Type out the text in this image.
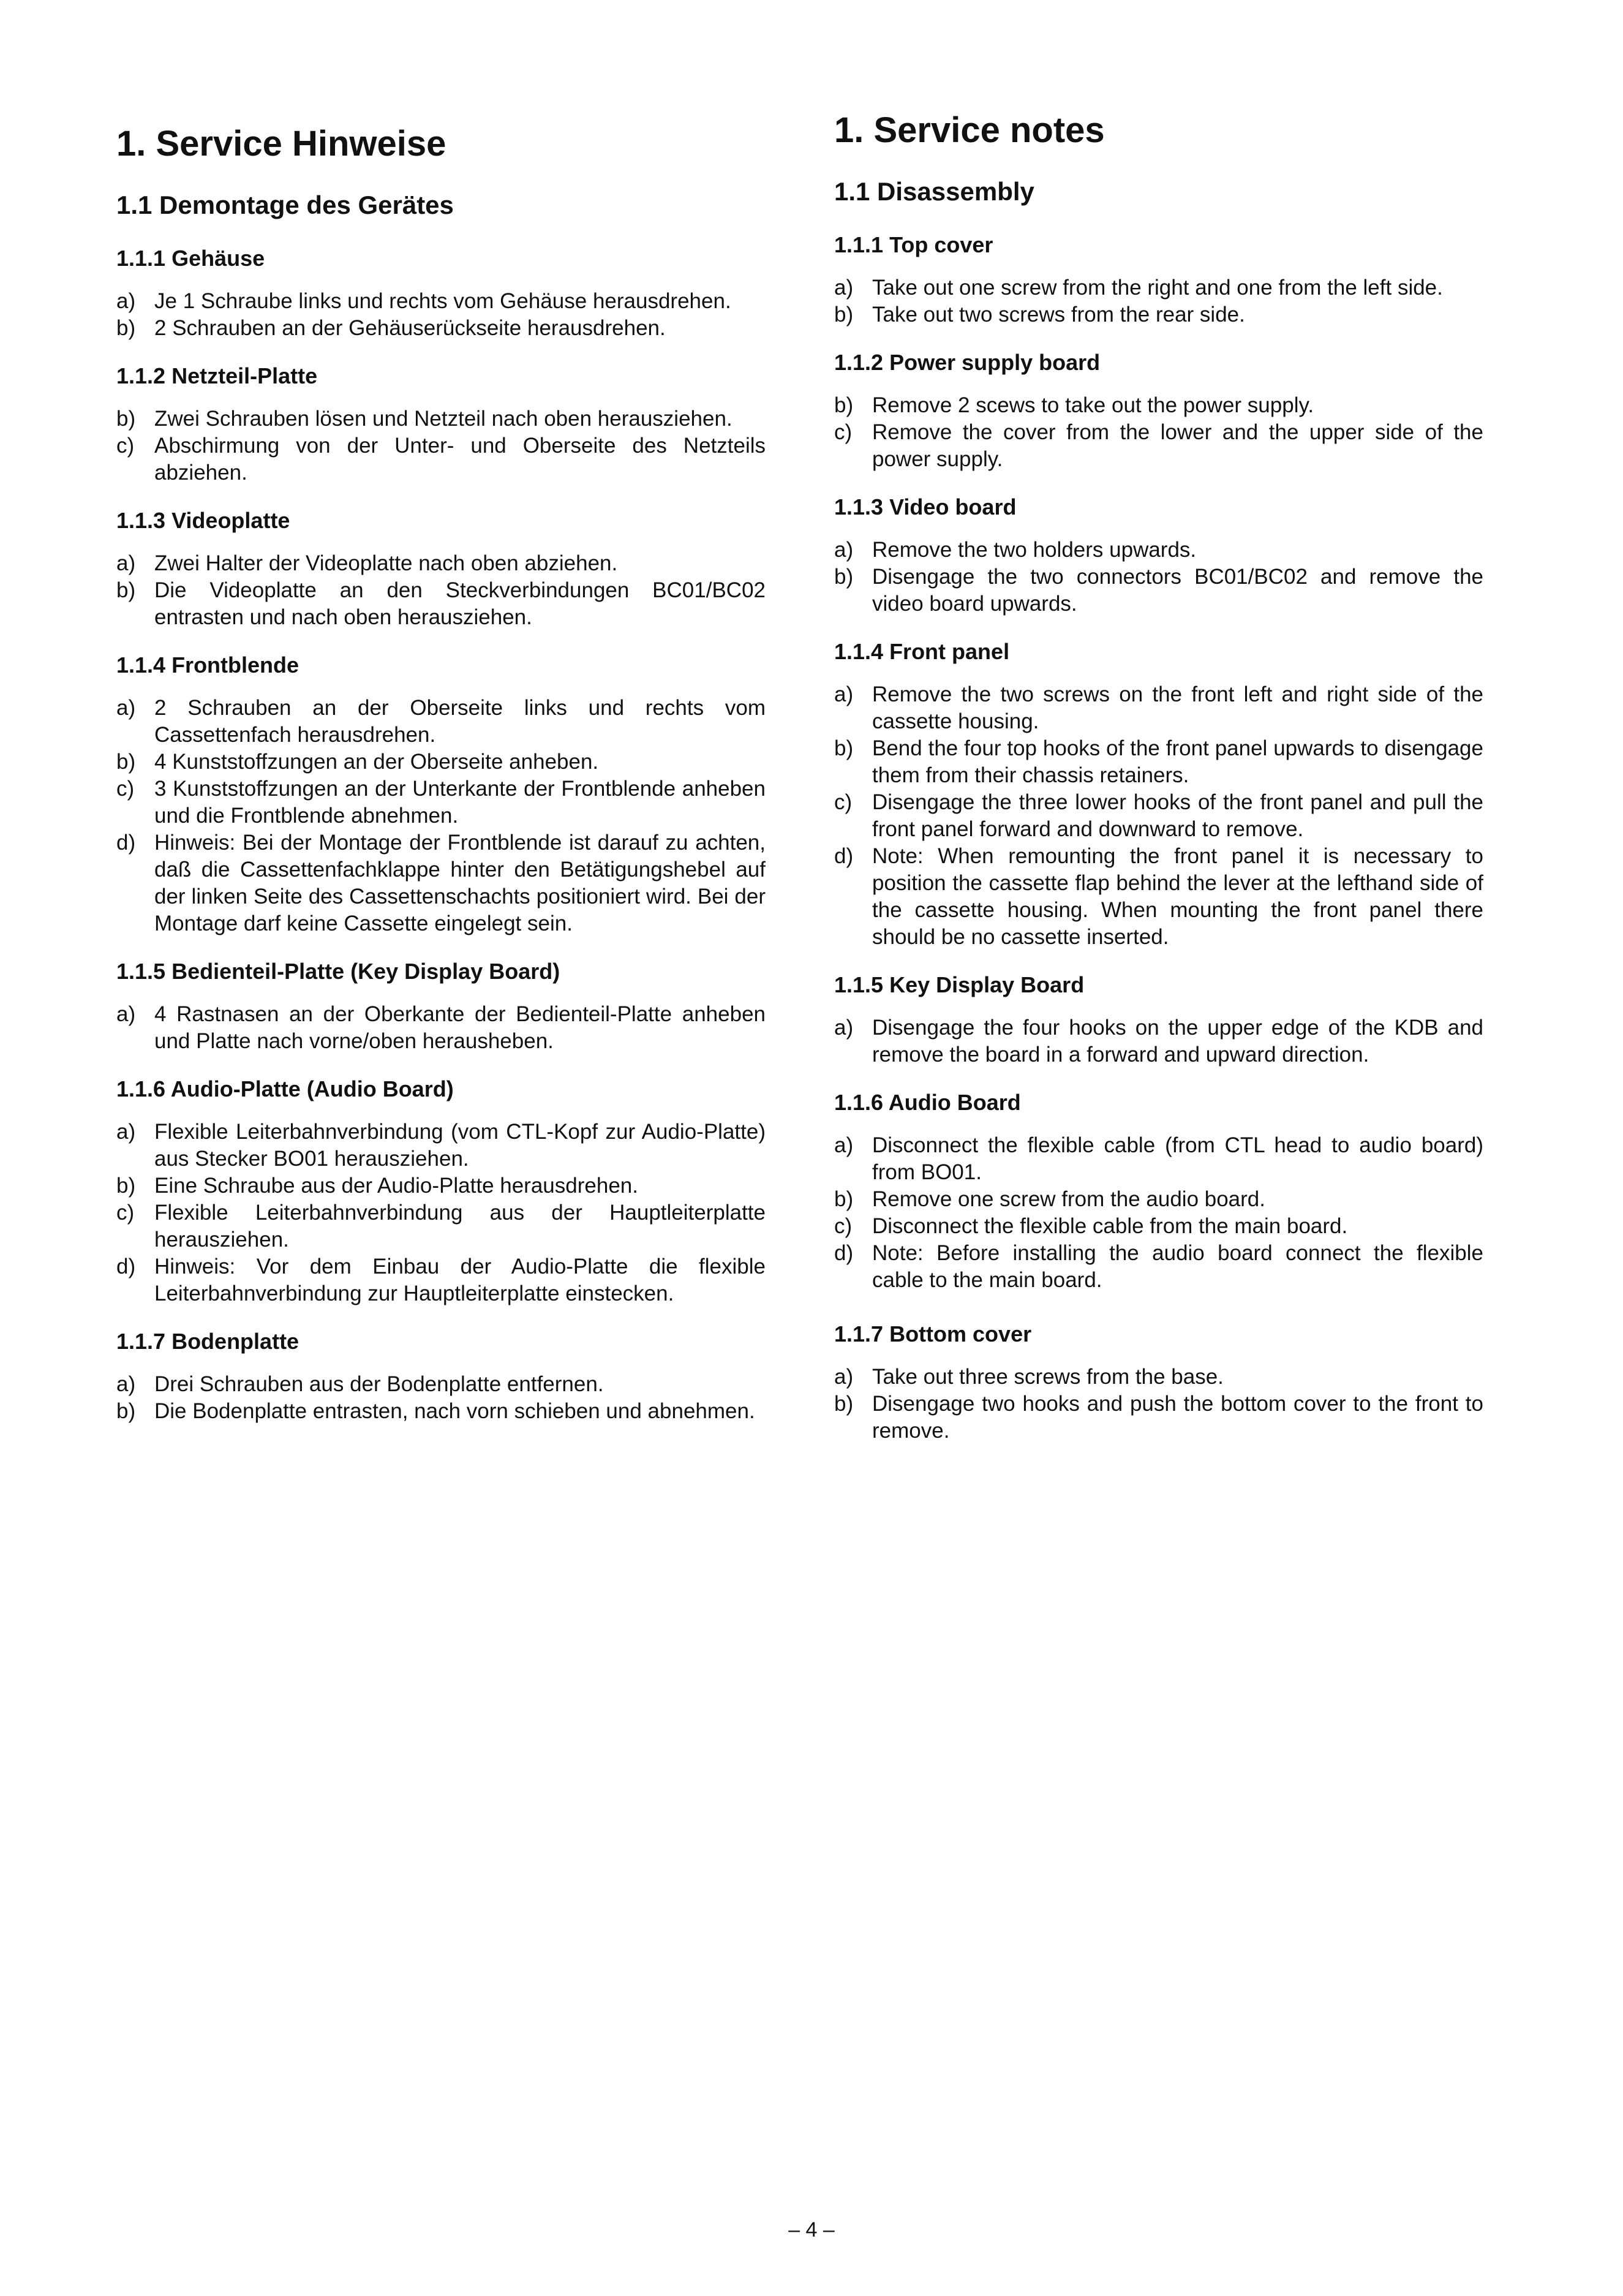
1. Service Hinweise
1.1 Demontage des Gerätes
1.1.1 Gehäuse
a) Je 1 Schraube links und rechts vom Gehäuse herausdrehen.
b) 2 Schrauben an der Gehäuserückseite herausdrehen.
1.1.2 Netzteil-Platte
b) Zwei Schrauben lösen und Netzteil nach oben herausziehen.
c) Abschirmung von der Unter- und Oberseite des Netzteils abziehen.
1.1.3 Videoplatte
a) Zwei Halter der Videoplatte nach oben abziehen.
b) Die Videoplatte an den Steckverbindungen BC01/BC02 entrasten und nach oben herausziehen.
1.1.4 Frontblende
a) 2 Schrauben an der Oberseite links und rechts vom Cassettenfach herausdrehen.
b) 4 Kunststoffzungen an der Oberseite anheben.
c) 3 Kunststoffzungen an der Unterkante der Frontblende anheben und die Frontblende abnehmen.
d) Hinweis: Bei der Montage der Frontblende ist darauf zu achten, daß die Cassettenfachklappe hinter den Betätigungshebel auf der linken Seite des Cassettenschachts positioniert wird. Bei der Montage darf keine Cassette eingelegt sein.
1.1.5 Bedienteil-Platte (Key Display Board)
a) 4 Rastnasen an der Oberkante der Bedienteil-Platte anheben und Platte nach vorne/oben herausheben.
1.1.6 Audio-Platte (Audio Board)
a) Flexible Leiterbahnverbindung (vom CTL-Kopf zur Audio-Platte) aus Stecker BO01 herausziehen.
b) Eine Schraube aus der Audio-Platte herausdrehen.
c) Flexible Leiterbahnverbindung aus der Hauptleiterplatte herausziehen.
d) Hinweis: Vor dem Einbau der Audio-Platte die flexible Leiterbahnverbindung zur Hauptleiterplatte einstecken.
1.1.7 Bodenplatte
a) Drei Schrauben aus der Bodenplatte entfernen.
b) Die Bodenplatte entrasten, nach vorn schieben und abnehmen.
1. Service notes
1.1 Disassembly
1.1.1 Top cover
a) Take out one screw from the right and one from the left side.
b) Take out two screws from the rear side.
1.1.2 Power supply board
b) Remove 2 scews to take out the power supply.
c) Remove the cover from the lower and the upper side of the power supply.
1.1.3 Video board
a) Remove the two holders upwards.
b) Disengage the two connectors BC01/BC02 and remove the video board upwards.
1.1.4 Front panel
a) Remove the two screws on the front left and right side of the cassette housing.
b) Bend the four top hooks of the front panel upwards to disengage them from their chassis retainers.
c) Disengage the three lower hooks of the front panel and pull the front panel forward and downward to remove.
d) Note: When remounting the front panel it is necessary to position the cassette flap behind the lever at the lefthand side of the cassette housing. When mounting the front panel there should be no cassette inserted.
1.1.5 Key Display Board
a) Disengage the four hooks on the upper edge of the KDB and remove the board in a forward and upward direction.
1.1.6 Audio Board
a) Disconnect the flexible cable (from CTL head to audio board) from BO01.
b) Remove one screw from the audio board.
c) Disconnect the flexible cable from the main board.
d) Note: Before installing the audio board connect the flexible cable to the main board.
1.1.7 Bottom cover
a) Take out three screws from the base.
b) Disengage two hooks and push the bottom cover to the front to remove.
– 4 –
